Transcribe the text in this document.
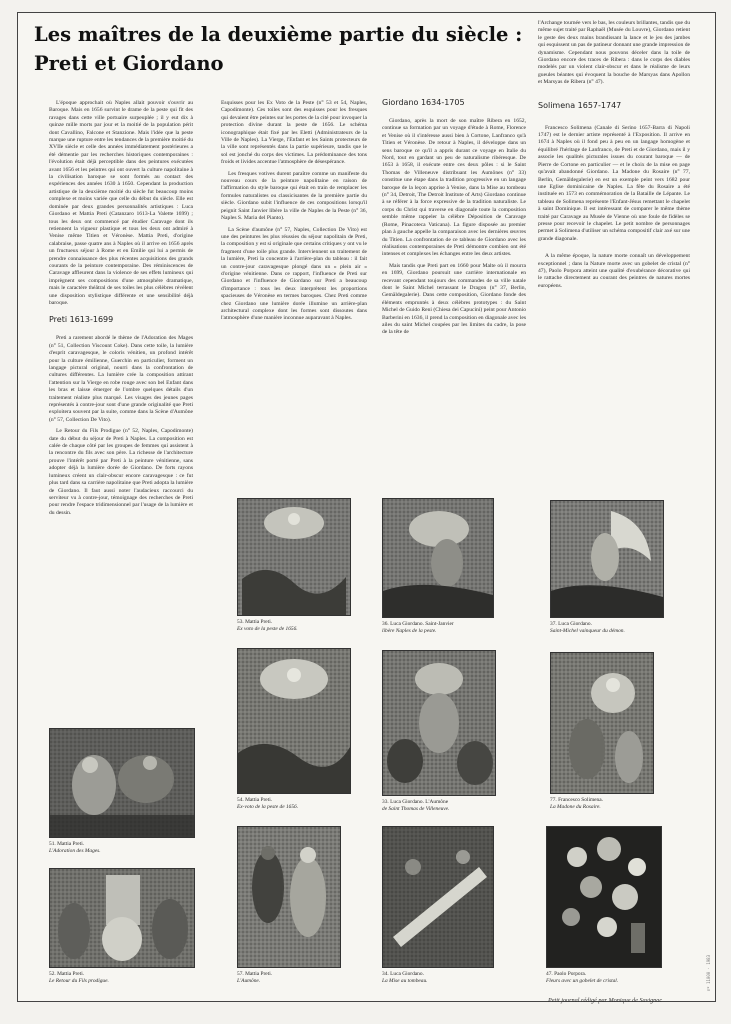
Les maîtres de la deuxième partie du siècle :
Preti et Giordano

L'époque approchait où Naples allait pouvoir s'ouvrir au Baroque. Mais en 1656 survint le drame de la peste qui fit des ravages dans cette ville portuaire surpeuplée ; il y eut dix à quinze mille morts par jour et la moitié de la population périt dont Cavallino, Falcone et Stanzione. Mais l'idée que la peste marque une rupture entre les tendances de la première moitié du XVIIe siècle et celle des années immédiatement postérieures a été démentie par les recherches historiques contemporaines : l'évolution était déjà perceptible dans des peintures exécutées avant 1656 et les peintres qui ont ouvert la culture napolitaine à la civilisation baroque se sont formés au contact des expériences des années 1630 à 1650. Cependant la production artistique de la deuxième moitié du siècle fut beaucoup moins complexe et moins variée que celle du début du siècle. Elle est dominée par deux grandes personnalités artistiques : Luca Giordano et Mattia Preti (Catanzaro 1613-La Valette 1699) ; tous les deux ont commencé par étudier Caravage dont ils retiennent la vigueur plastique et tous les deux ont admiré à Venise même Titien et Véronèse. Mattia Preti, d'origine calabraise, passe quatre ans à Naples où il arrive en 1656 après un fructueux séjour à Rome et en Emilie qui lui a permis de prendre connaissance des plus récentes acquisitions des grands courants de la peinture contemporaine. Des réminiscences de Caravage affleurent dans la violence de ses effets lumineux qui imprègnent ses compositions d'une atmosphère dramatique, mais le caractère théâtral de ses toiles les plus célèbres révèlent une disposition stylistique différente et une sensibilité déjà baroque.

Preti 1613-1699

Preti a rarement abordé le thème de l'Adoration des Mages (n° 51, Collection Viscount Coke). Dans cette toile, la lumière d'esprit caravagesque, le coloris vénitien, un profond intérêt pour la culture émilienne, Guerchin en particulier, forment un langage pictural original, nourri dans la confrontation de cultures différentes. La lumière crée la composition attirant l'attention sur la Vierge en robe rouge avec son bel Enfant dans les bras et laisse émerger de l'ombre quelques détails d'un traitement réaliste plus marqué. Les visages des jeunes pages représentés à contre-jour sont d'une grande originalité que Preti exploitera souvent par la suite, comme dans la Scène d'Aumône (n° 57, Collection De Vito).

Le Retour du Fils Prodigue (n° 52, Naples, Capodimonte) date du début du séjour de Preti à Naples. La composition est calée de chaque côté par les groupes de femmes qui assistent à la rencontre du fils avec son père. La richesse de l'architecture prouve l'intérêt porté par Preti à la peinture vénitienne, sans adopter déjà la lumière dorée de Giordano. De forts rayons lumineux créent un clair-obscur encore caravagesque : ce fut plus tard dans sa carrière napolitaine que Preti adopta la lumière de Giordano. Il faut aussi noter l'audacieux raccourci du serviteur vu à contre-jour, témoignage des recherches de Preti pour rendre l'espace tridimensionnel par l'usage de la lumière et du dessin.

Esquisses pour les Ex Voto de la Peste (n° 53 et 54, Naples, Capodimonte). Ces toiles sont des esquisses pour les fresques qui devaient être peintes sur les portes de la cité pour invoquer la protection divine durant la peste de 1656. Le schéma iconographique était fixé par les Eletti (Administrateurs de la Ville de Naples). La Vierge, l'Enfant et les Saints protecteurs de la ville sont représentés dans la partie supérieure, tandis que le sol est jonché du corps des victimes. La prédominance des tons froids et livides accentue l'atmosphère de désespérance.

Les fresques votives durent paraître comme un manifeste du nouveau cours de la peinture napolitaine en raison de l'affirmation du style baroque qui était en train de remplacer les formules naturalistes ou classicisantes de la première partie du siècle. Giordano subit l'influence de ces compositions lorsqu'il peignit Saint Janvier libère la ville de Naples de la Peste (n° 36, Naples S. Maria del Pianto).

La Scène d'aumône (n° 57, Naples, Collection De Vito) est une des peintures les plus réussies du séjour napolitain de Preti, la composition y est si originale que certains critiques y ont vu le fragment d'une toile plus grande. Interviennent un traitement de la lumière, Preti la concentre à l'arrière-plan du tableau : il fait un contre-jour caravagesque plongé dans un « plein air » d'origine vénitienne. Dans ce rapport, l'influence de Preti sur Giordano et l'influence de Giordano sur Preti a beaucoup d'importance : tous les deux interprètent les proportions spacieuses de Véronèse en termes baroques. Chez Preti comme chez Giordano une lumière dorée illumine un arrière-plan architectural complexe dont les formes sont dissoutes dans l'atmosphère d'une manière inconnue auparavant à Naples.

Giordano 1634-1705

Giordano, après la mort de son maître Ribera en 1652, continue sa formation par un voyage d'étude à Rome, Florence et Venise où il s'intéresse aussi bien à Cortone, Lanfranco qu'à Titien et Véronèse. De retour à Naples, il développe dans un sens baroque ce qu'il a appris durant ce voyage en Italie du Nord, tout en gardant un peu de naturalisme ribéresque. De 1653 à 1658, il exécute entre ces deux pôles : si le Saint Thomas de Villeneuve distribuant les Aumônes (n° 33) constitue une étape dans la tradition progressive en un langage baroque de la leçon apprise à Venise, dans la Mise au tombeau (n° 34, Detroit, The Detroit Institute of Arts) Giordano continue à se référer à la force expressive de la tradition naturaliste. Le corps du Christ qui traverse en diagonale toute la composition semble même rappeler la célèbre Déposition de Caravage (Rome, Pinacoteca Vaticana). La figure disposée au premier plan à gauche appelle la comparaison avec les dernières œuvres du Titien. La confrontation de ce tableau de Giordano avec les réalisations contemporaines de Preti démontre combien ont été intenses et complexes les échanges entre les deux artistes.

Mais tandis que Preti part en 1660 pour Malte où il mourra en 1699, Giordano poursuit une carrière internationale en recevant cependant toujours des commandes de sa ville natale dont le Saint Michel terrassant le Dragon (n° 37, Berlin, Gemäldegalerie). Dans cette composition, Giordano fonde des éléments empruntés à deux célèbres prototypes : du Saint Michel de Guido Reni (Chiesa dei Capucini) peint pour Antonio Barberini en 1636, il prend la composition en diagonale avec les ailes du saint Michel coupées par les limites du cadre, la pose de la tête de

l'Archange tournée vers le bas, les couleurs brillantes, tandis que du même sujet traité par Raphaël (Musée du Louvre), Giordano retient le geste des deux mains brandissant la lance et le jeu des jambes qui esquissent un pas de patineur donnant une grande impression de dynamisme. Cependant nous pouvons déceler dans la toile de Giordano encore des traces de Ribera : dans le corps des diables modelés par un violent clair-obscur et dans le réalisme de leurs gueules béantes qui évoquent la bouche de Marsyas dans Apollon et Marsyas de Ribera (n° 47).

Solimena 1657-1747

Francesco Solimena (Canale di Serino 1657-Barra di Napoli 1747) est le dernier artiste représenté à l'Exposition. Il arrive en 1674 à Naples où il fond peu à peu en un langage homogène et équilibré l'héritage de Lanfranco, de Preti et de Giordano, mais il y associe les qualités picturales issues du courant baroque — de Pierre de Cortone en particulier — et le choix de la mise en page qu'avait abandonné Giordano. La Madone du Rosaire (n° 77, Berlin, Gemäldegalerie) en est un exemple peint vers 1682 pour une Eglise dominicaine de Naples. La fête du Rosaire a été instituée en 1573 en commémoration de la Bataille de Lépante. Le tableau de Solimena représente l'Enfant-Jésus remettant le chapelet à saint Dominique. Il est intéressant de comparer le même thème traité par Caravage au Musée de Vienne où une foule de fidèles se presse pour recevoir le chapelet. Le petit nombre de personnages permet à Solimena d'utiliser un schéma compositif clair axé sur une grande diagonale.

A la même époque, la nature morte connaît un développement exceptionnel ; dans la Nature morte avec un gobelet de cristal (n° 47), Paolo Porpora atteint une qualité d'exubérance décorative qui le rattache directement au courant des peintres de natures mortes européens.

51. Mattia Preti.
L'Adoration des Mages.
52. Mattia Preti.
Le Retour du Fils prodigue.
53. Mattia Preti.
Ex voto de la peste de 1656.
54. Mattia Preti.
Ex-voto de la peste de 1656.
57. Mattia Preti.
L'Aumône.
36. Luca Giordano. Saint-Janvier
libère Naples de la peste.
33. Luca Giordano. L'Aumône
de Saint Thomas de Villeneuve.
34. Luca Giordano.
La Mise au tombeau.
37. Luca Giordano.
Saint-Michel vainqueur du démon.
77. Francesco Solimena.
La Madone du Rosaire.
47. Paolo Porpora.
Fleurs avec un gobelet de cristal.
Petit journal rédigé par Monique de Savignac
nº 11000 · 1983
